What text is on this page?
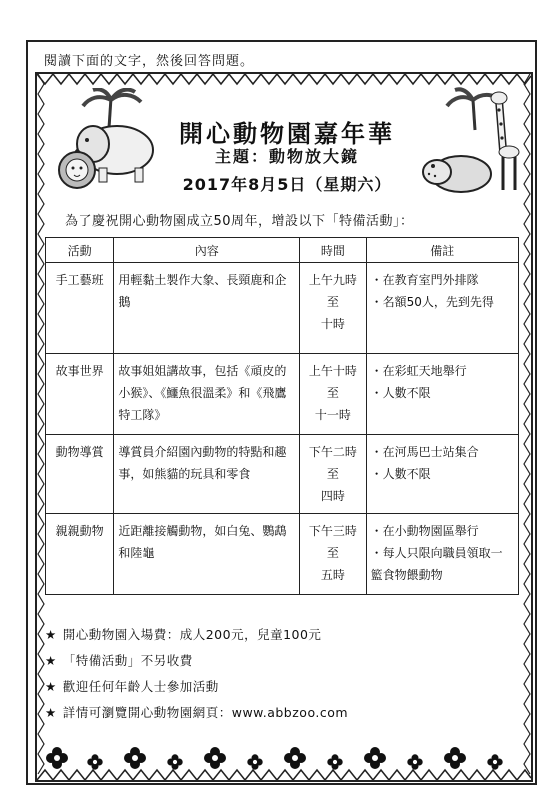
閱讀下面的文字，然後回答問題。
開心動物園嘉年華
主題：動物放大鏡
2017年8月5日（星期六）
為了慶祝開心動物園成立50周年，增設以下「特備活動」：
活動	內容	時間	備註
手工藝班	用輕黏土製作大象、長頸鹿和企鵝	上午九時
至
十時	・在教育室門外排隊
・名額50人，先到先得

故事世界	故事姐姐講故事，包括《頑皮的小猴》、《鱷魚很溫柔》和《飛鷹特工隊》	上午十時
至
十一時	・在彩虹天地舉行
・人數不限

動物導賞	導賞員介紹園內動物的特點和趣事，如熊貓的玩具和零食	下午二時
至
四時	・在河馬巴士站集合
・人數不限

親親動物	近距離接觸動物，如白兔、鸚鵡和陸龜	下午三時
至
五時	・在小動物園區舉行
・每人只限向職員領取一籃食物餵動物
★ 開心動物園入場費：成人200元，兒童100元
★ 「特備活動」不另收費
★ 歡迎任何年齡人士參加活動
★ 詳情可瀏覽開心動物園網頁：www.abbzoo.com
